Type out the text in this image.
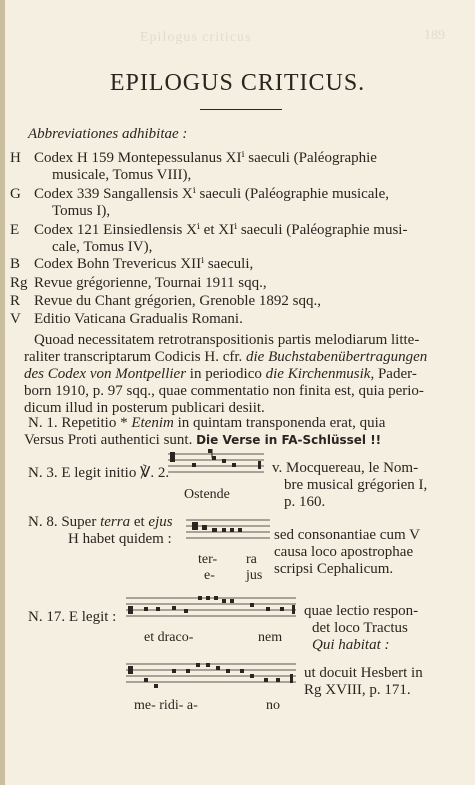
Epilogus criticus	189
EPILOGUS CRITICUS.
Abbreviationes adhibitae :
H Codex H 159 Montepessulanus XIⁱ saeculi (Paléographie
musicale, Tomus VIII),
G Codex 339 Sangallensis Xⁱ saeculi (Paléographie musicale,
Tomus I),
E Codex 121 Einsiedlensis Xⁱ et XIⁱ saeculi (Paléographie musi-
cale, Tomus IV),
B Codex Bohn Trevericus XIIⁱ saeculi,
Rg Revue grégorienne, Tournai 1911 sqq.,
R Revue du Chant grégorien, Grenoble 1892 sqq.,
V Editio Vaticana Gradualis Romani.
Quoad necessitatem retrotranspositionis partis melodiarum litte-
raliter transcriptarum Codicis H. cfr. die Buchstabenübertragungen
des Codex von Montpellier in periodico die Kirchenmusik, Pader-
born 1910, p. 97 sqq., quae commentatio non finita est, quia perio-
dicum illud in posterum publicari desiit.
N. 1. Repetitio * Etenim in quintam transponenda erat, quia
Versus Proti authentici sunt. Die Verse in FA-Schlüssel !!
N. 3. E legit initio ℣. 2.
Ostende
v. Mocquereau, le Nom-
bre musical grégorien I,
p. 160.
N. 8. Super terra et ejus
H habet quidem :
ter- ra
e- jus
sed consonantiae cum V
causa loco apostrophae
scripsi Cephalicum.
N. 17. E legit :
et draco-	nem
quae lectio respon-
det loco Tractus
Qui habitat :
me- ridi- a-	no
ut docuit Hesbert in
Rg XVIII, p. 171.
